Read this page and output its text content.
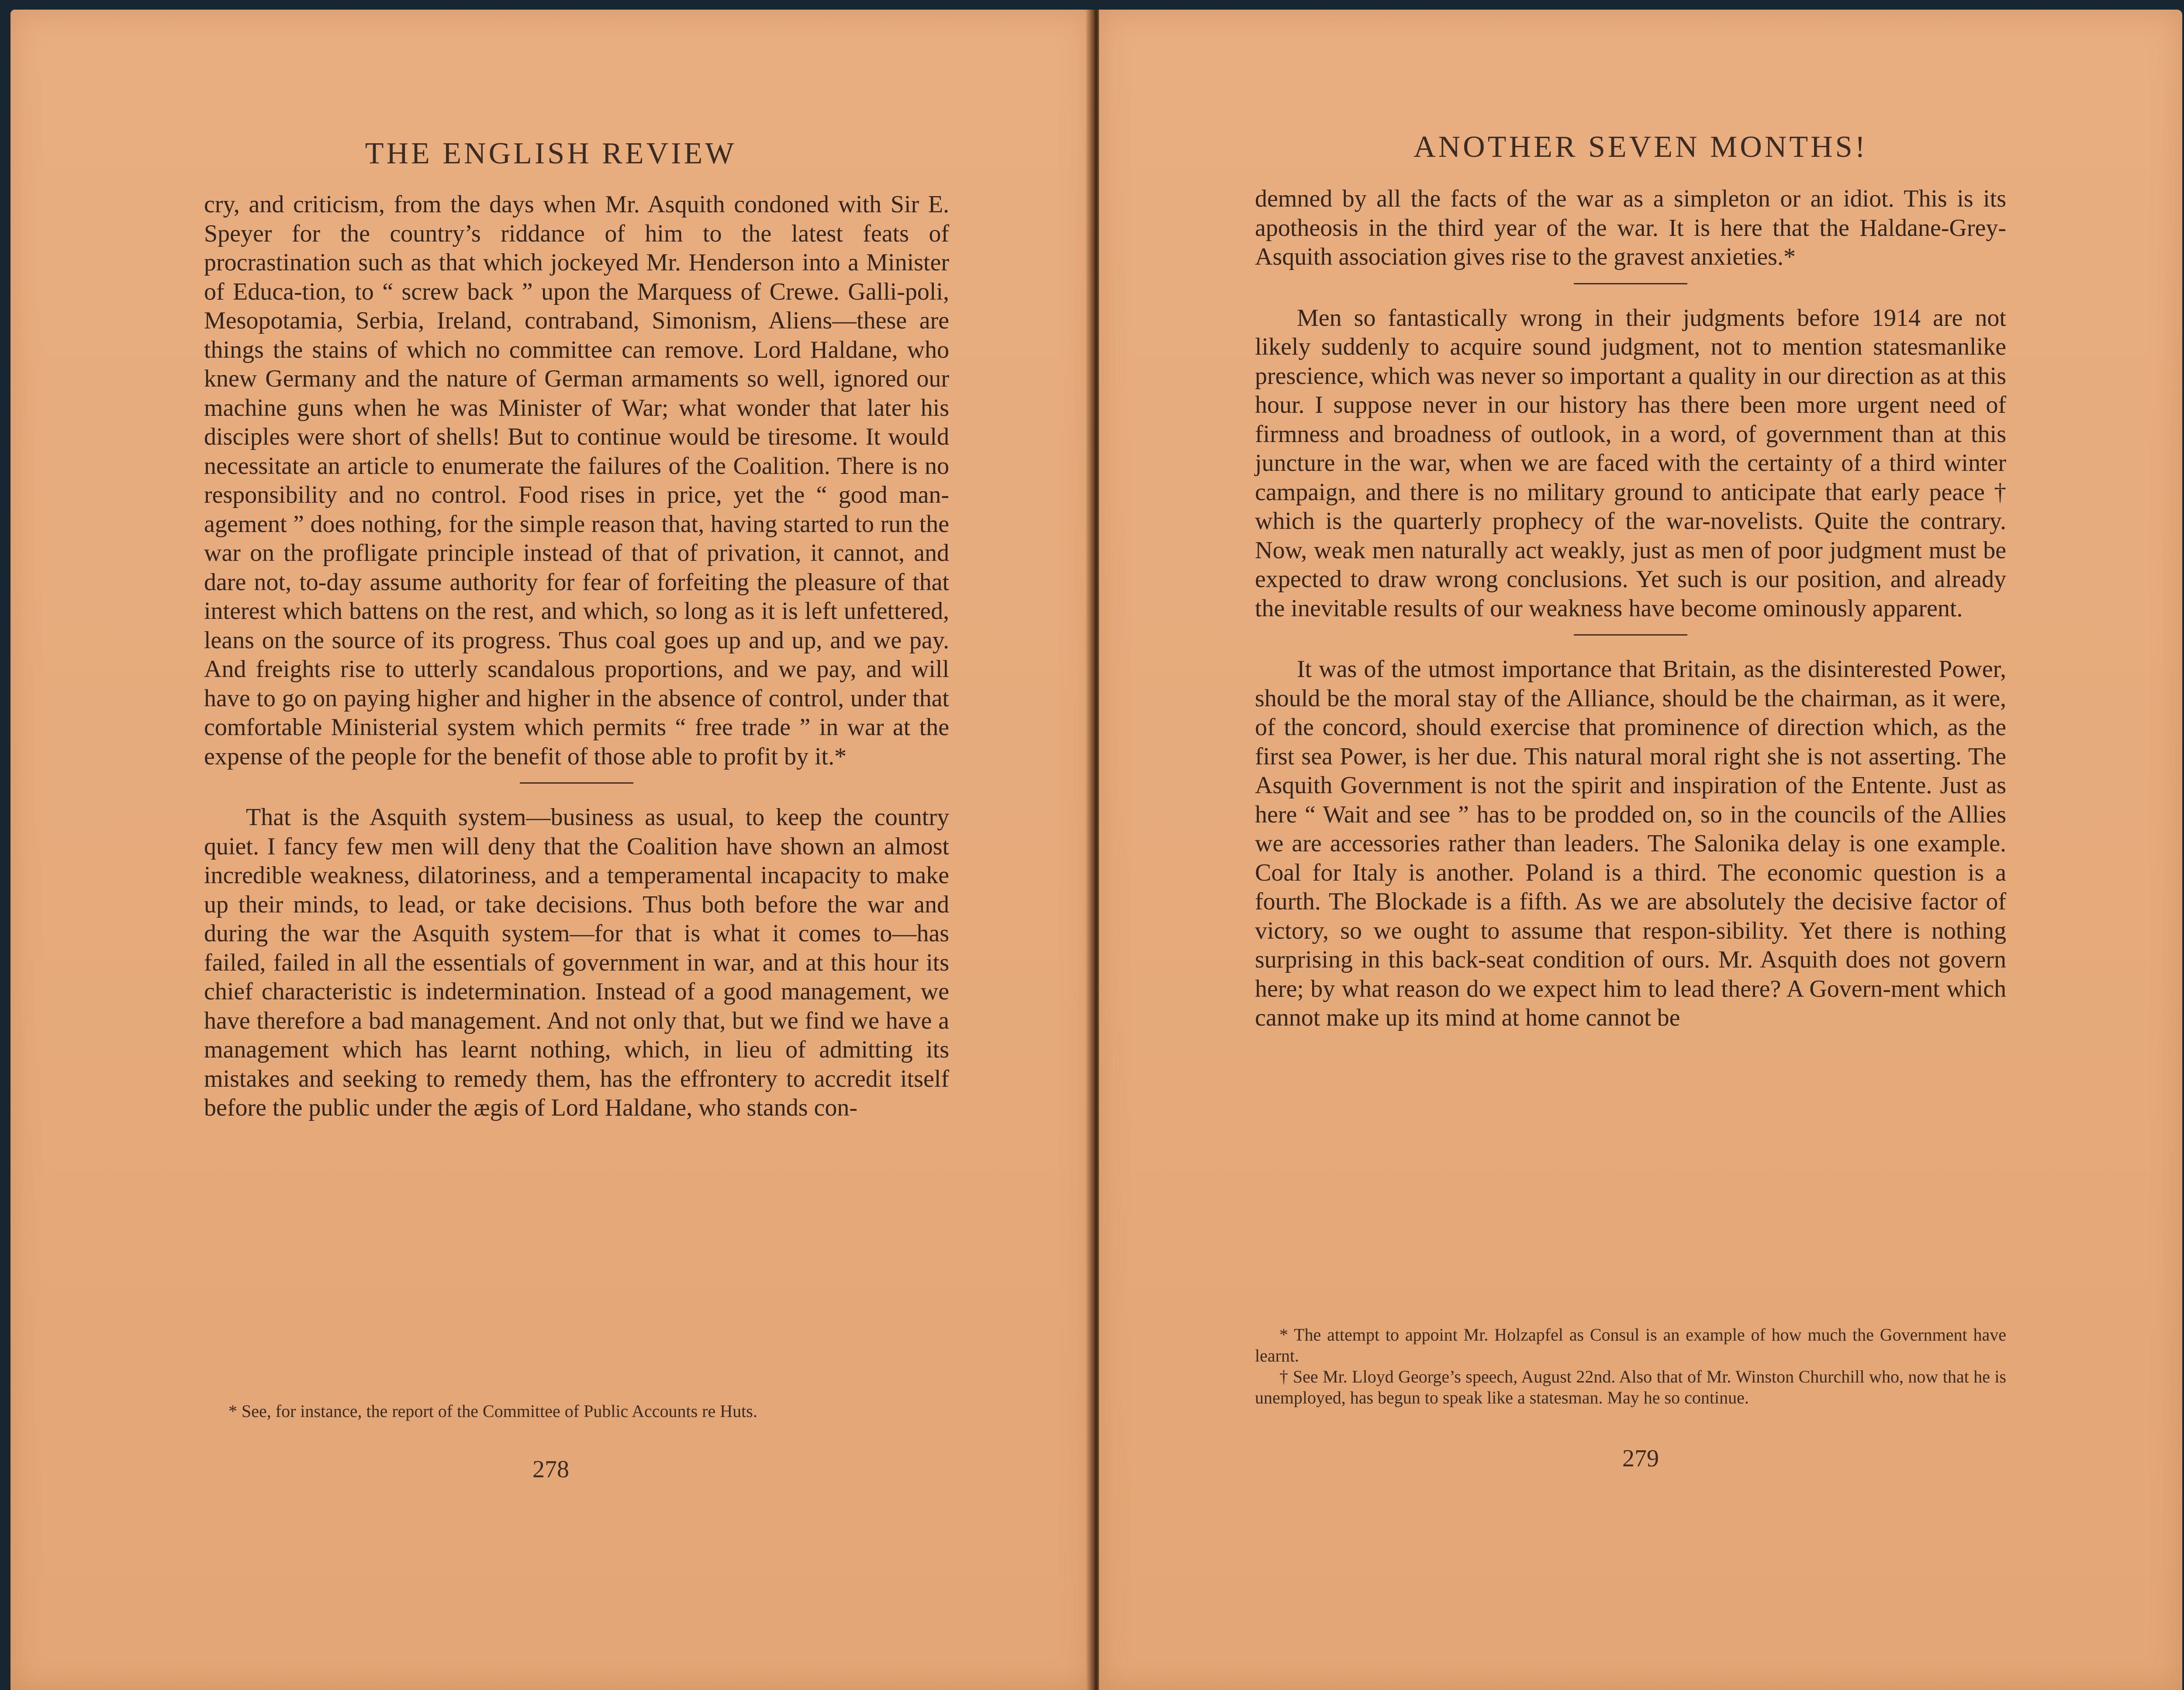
THE ENGLISH REVIEW

cry, and criticism, from the days when Mr. Asquith condoned with Sir E. Speyer for the country’s riddance of him to the latest feats of procrastination such as that which jockeyed Mr. Henderson into a Minister of Educa-tion, to “ screw back ” upon the Marquess of Crewe. Galli-poli, Mesopotamia, Serbia, Ireland, contraband, Simonism, Aliens—these are things the stains of which no committee can remove. Lord Haldane, who knew Germany and the nature of German armaments so well, ignored our machine guns when he was Minister of War; what wonder that later his disciples were short of shells! But to continue would be tiresome. It would necessitate an article to enumerate the failures of the Coalition. There is no responsibility and no control. Food rises in price, yet the “ good man-agement ” does nothing, for the simple reason that, having started to run the war on the profligate principle instead of that of privation, it cannot, and dare not, to-day assume authority for fear of forfeiting the pleasure of that interest which battens on the rest, and which, so long as it is left unfettered, leans on the source of its progress. Thus coal goes up and up, and we pay. And freights rise to utterly scandalous proportions, and we pay, and will have to go on paying higher and higher in the absence of control, under that comfortable Ministerial system which permits “ free trade ” in war at the expense of the people for the benefit of those able to profit by it.*

That is the Asquith system—business as usual, to keep the country quiet. I fancy few men will deny that the Coalition have shown an almost incredible weakness, dilatoriness, and a temperamental incapacity to make up their minds, to lead, or take decisions. Thus both before the war and during the war the Asquith system—for that is what it comes to—has failed, failed in all the essentials of government in war, and at this hour its chief characteristic is indetermination. Instead of a good management, we have therefore a bad management. And not only that, but we find we have a management which has learnt nothing, which, in lieu of admitting its mistakes and seeking to remedy them, has the effrontery to accredit itself before the public under the ægis of Lord Haldane, who stands con-

* See, for instance, the report of the Committee of Public Accounts re Huts.

278
ANOTHER SEVEN MONTHS!

demned by all the facts of the war as a simpleton or an idiot. This is its apotheosis in the third year of the war. It is here that the Haldane-Grey-Asquith association gives rise to the gravest anxieties.*

Men so fantastically wrong in their judgments before 1914 are not likely suddenly to acquire sound judgment, not to mention statesmanlike prescience, which was never so important a quality in our direction as at this hour. I suppose never in our history has there been more urgent need of firmness and broadness of outlook, in a word, of government than at this juncture in the war, when we are faced with the certainty of a third winter campaign, and there is no military ground to anticipate that early peace † which is the quarterly prophecy of the war-novelists. Quite the contrary. Now, weak men naturally act weakly, just as men of poor judgment must be expected to draw wrong conclusions. Yet such is our position, and already the inevitable results of our weakness have become ominously apparent.

It was of the utmost importance that Britain, as the disinterested Power, should be the moral stay of the Alliance, should be the chairman, as it were, of the concord, should exercise that prominence of direction which, as the first sea Power, is her due. This natural moral right she is not asserting. The Asquith Government is not the spirit and inspiration of the Entente. Just as here “ Wait and see ” has to be prodded on, so in the councils of the Allies we are accessories rather than leaders. The Salonika delay is one example. Coal for Italy is another. Poland is a third. The economic question is a fourth. The Blockade is a fifth. As we are absolutely the decisive factor of victory, so we ought to assume that respon-sibility. Yet there is nothing surprising in this back-seat condition of ours. Mr. Asquith does not govern here; by what reason do we expect him to lead there? A Govern-ment which cannot make up its mind at home cannot be

* The attempt to appoint Mr. Holzapfel as Consul is an example of how much the Government have learnt.

† See Mr. Lloyd George’s speech, August 22nd. Also that of Mr. Winston Churchill who, now that he is unemployed, has begun to speak like a statesman. May he so continue.

279
